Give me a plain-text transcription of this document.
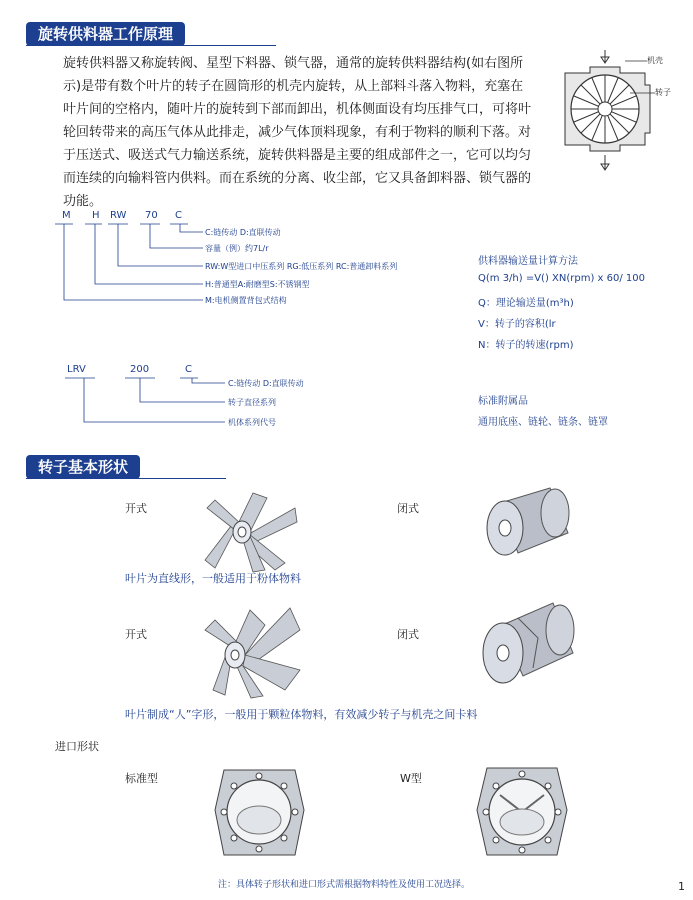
旋转供料器工作原理
旋转供料器又称旋转阀、星型下料器、锁气器，通常的旋转供料器结构(如右图所示)是带有数个叶片的转子在圆筒形的机壳内旋转，从上部料斗落入物料，充塞在叶片间的空格内，随叶片的旋转到下部而卸出，机体侧面设有均压排气口，可将叶轮回转带来的高压气体从此排走，减少气体顶料现象，有利于物料的顺利下落。对于压送式、吸送式气力输送系统，旋转供料器是主要的组成部件之一，它可以均匀而连续的向输料管内供料。而在系统的分离、收尘部，它又具备卸料器、锁气器的功能。
机壳
转子
M H RW 70 C
C:链传动 D:直联传动
容量（例）约7L/r
RW:W型进口中压系列 RG:低压系列 RC:普通卸料系列
H:普通型A:耐磨型S:不锈钢型
M:电机侧置背包式结构
LRV	200	C
C:链传动 D:直联传动
转子直径系列
机体系列代号
供料器输送量计算方法
Q(m 3/h) =V() XN(rpm) x 60/ 100
Q：理论输送量(m³h)
V：转子的容积(lr
N：转子的转速(rpm)
标准附属品
通用底座、链轮、链条、链罩
转子基本形状
开式	闭式
叶片为直线形，一般适用于粉体物料
开式	闭式
叶片制成“人”字形，一般用于颗粒体物料，有效减少转子与机壳之间卡料
进口形状
标准型	W型
注：具体转子形状和进口形式需根据物料特性及使用工况选择。	1
